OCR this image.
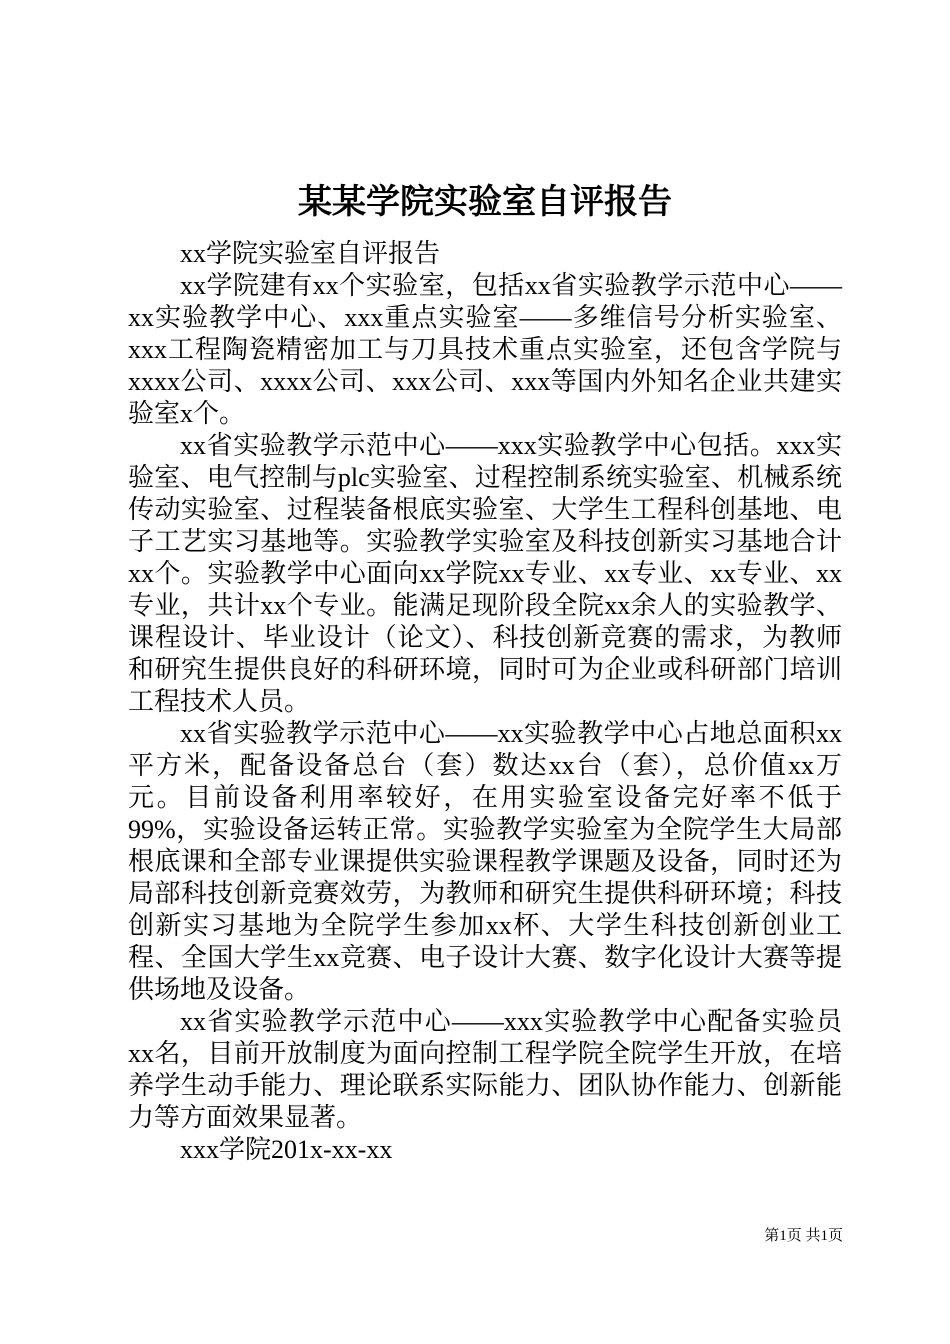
某某学院实验室自评报告

xx学院实验室自评报告

xx学院建有xx个实验室，包括xx省实验教学示范中心——xx实验教学中心、xxx重点实验室——多维信号分析实验室、xxx工程陶瓷精密加工与刀具技术重点实验室，还包含学院与xxxx公司、xxxx公司、xxx公司、xxx等国内外知名企业共建实验室x个。

xx省实验教学示范中心——xxx实验教学中心包括。xxx实验室、电气控制与plc实验室、过程控制系统实验室、机械系统传动实验室、过程装备根底实验室、大学生工程科创基地、电子工艺实习基地等。实验教学实验室及科技创新实习基地合计xx个。实验教学中心面向xx学院xx专业、xx专业、xx专业、xx专业，共计xx个专业。能满足现阶段全院xx余人的实验教学、课程设计、毕业设计（论文）、科技创新竞赛的需求，为教师和研究生提供良好的科研环境，同时可为企业或科研部门培训工程技术人员。

xx省实验教学示范中心——xx实验教学中心占地总面积xx平方米，配备设备总台（套）数达xx台（套），总价值xx万元。目前设备利用率较好，在用实验室设备完好率不低于99%，实验设备运转正常。实验教学实验室为全院学生大局部根底课和全部专业课提供实验课程教学课题及设备，同时还为局部科技创新竞赛效劳，为教师和研究生提供科研环境；科技创新实习基地为全院学生参加xx杯、大学生科技创新创业工程、全国大学生xx竞赛、电子设计大赛、数字化设计大赛等提供场地及设备。

xx省实验教学示范中心——xxx实验教学中心配备实验员xx名，目前开放制度为面向控制工程学院全院学生开放，在培养学生动手能力、理论联系实际能力、团队协作能力、创新能力等方面效果显著。

xxx学院201x-xx-xx

第1页 共1页
